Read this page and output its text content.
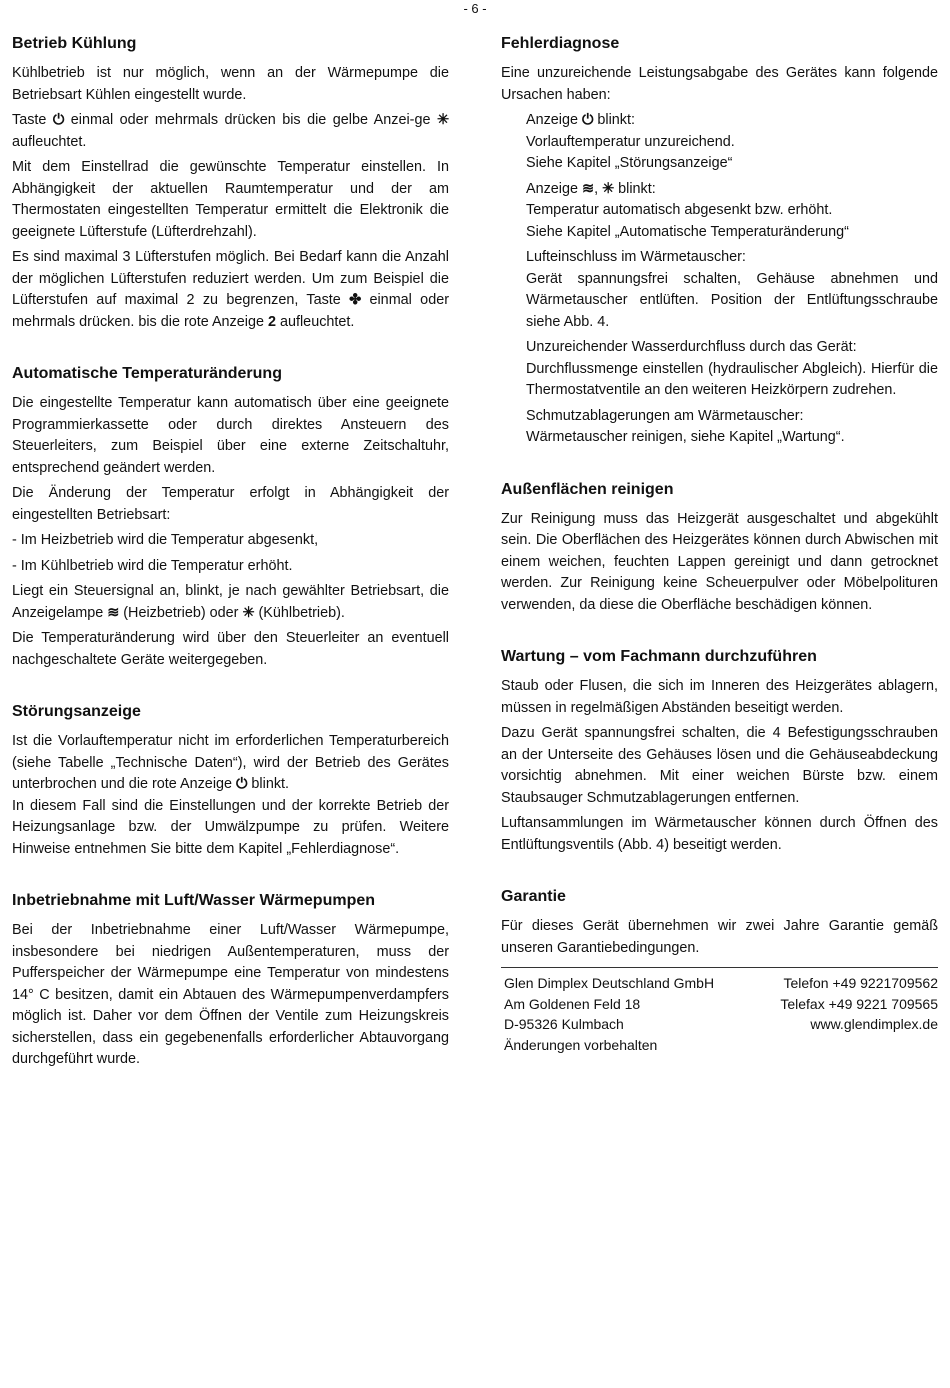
- 6 -
Betrieb Kühlung

Kühlbetrieb ist nur möglich, wenn an der Wärmepumpe die Betriebsart Kühlen eingestellt wurde.

Taste ⏻ einmal oder mehrmals drücken bis die gelbe Anzei-ge ✳ aufleuchtet.

Mit dem Einstellrad die gewünschte Temperatur einstellen. In Abhängigkeit der aktuellen Raumtemperatur und der am Thermostaten eingestellten Temperatur ermittelt die Elektronik die geeignete Lüfterstufe (Lüfterdrehzahl).

Es sind maximal 3 Lüfterstufen möglich. Bei Bedarf kann die Anzahl der möglichen Lüfterstufen reduziert werden. Um zum Beispiel die Lüfterstufen auf maximal 2 zu begrenzen, Taste ✤ einmal oder mehrmals drücken. bis die rote Anzeige 2 aufleuchtet.

Automatische Temperaturänderung

Die eingestellte Temperatur kann automatisch über eine geeignete Programmierkassette oder durch direktes Ansteuern des Steuerleiters, zum Beispiel über eine externe Zeitschaltuhr, entsprechend geändert werden.

Die Änderung der Temperatur erfolgt in Abhängigkeit der eingestellten Betriebsart:

- Im Heizbetrieb wird die Temperatur abgesenkt,

- Im Kühlbetrieb wird die Temperatur erhöht.

Liegt ein Steuersignal an, blinkt, je nach gewählter Betriebsart, die Anzeigelampe ≋ (Heizbetrieb) oder ✳ (Kühlbetrieb).

Die Temperaturänderung wird über den Steuerleiter an eventuell nachgeschaltete Geräte weitergegeben.

Störungsanzeige

Ist die Vorlauftemperatur nicht im erforderlichen Temperaturbereich (siehe Tabelle „Technische Daten“), wird der Betrieb des Gerätes unterbrochen und die rote Anzeige ⏻ blinkt.

In diesem Fall sind die Einstellungen und der korrekte Betrieb der Heizungsanlage bzw. der Umwälzpumpe zu prüfen. Weitere Hinweise entnehmen Sie bitte dem Kapitel „Fehlerdiagnose“.

Inbetriebnahme mit Luft/Wasser Wärmepumpen

Bei der Inbetriebnahme einer Luft/Wasser Wärmepumpe, insbesondere bei niedrigen Außentemperaturen, muss der Pufferspeicher der Wärmepumpe eine Temperatur von mindestens 14° C besitzen, damit ein Abtauen des Wärmepumpenverdampfers möglich ist. Daher vor dem Öffnen der Ventile zum Heizungskreis sicherstellen, dass ein gegebenenfalls erforderlicher Abtauvorgang durchgeführt wurde.

Fehlerdiagnose

Eine unzureichende Leistungsabgabe des Gerätes kann folgende Ursachen haben:

Anzeige ⏻ blinkt:

Vorlauftemperatur unzureichend.

Siehe Kapitel „Störungsanzeige“

Anzeige ≋, ✳ blinkt:

Temperatur automatisch abgesenkt bzw. erhöht.

Siehe Kapitel „Automatische Temperaturänderung“

Lufteinschluss im Wärmetauscher:

Gerät spannungsfrei schalten, Gehäuse abnehmen und Wärmetauscher entlüften. Position der Entlüftungsschraube siehe Abb. 4.

Unzureichender Wasserdurchfluss durch das Gerät:

Durchflussmenge einstellen (hydraulischer Abgleich). Hierfür die Thermostatventile an den weiteren Heizkörpern zudrehen.

Schmutzablagerungen am Wärmetauscher:

Wärmetauscher reinigen, siehe Kapitel „Wartung“.

Außenflächen reinigen

Zur Reinigung muss das Heizgerät ausgeschaltet und abgekühlt sein. Die Oberflächen des Heizgerätes können durch Abwischen mit einem weichen, feuchten Lappen gereinigt und dann getrocknet werden. Zur Reinigung keine Scheuerpulver oder Möbelpolituren verwenden, da diese die Oberfläche beschädigen können.

Wartung – vom Fachmann durchzuführen

Staub oder Flusen, die sich im Inneren des Heizgerätes ablagern, müssen in regelmäßigen Abständen beseitigt werden.

Dazu Gerät spannungsfrei schalten, die 4 Befestigungsschrauben an der Unterseite des Gehäuses lösen und die Gehäuseabdeckung vorsichtig abnehmen. Mit einer weichen Bürste bzw. einem Staubsauger Schmutzablagerungen entfernen.

Luftansammlungen im Wärmetauscher können durch Öffnen des Entlüftungsventils (Abb. 4) beseitigt werden.

Garantie

Für dieses Gerät übernehmen wir zwei Jahre Garantie gemäß unseren Garantiebedingungen.

Glen Dimplex Deutschland GmbH	Telefon +49 9221709562
Am Goldenen Feld 18	Telefax +49 9221 709565
D-95326 Kulmbach	www.glendimplex.de
Änderungen vorbehalten
